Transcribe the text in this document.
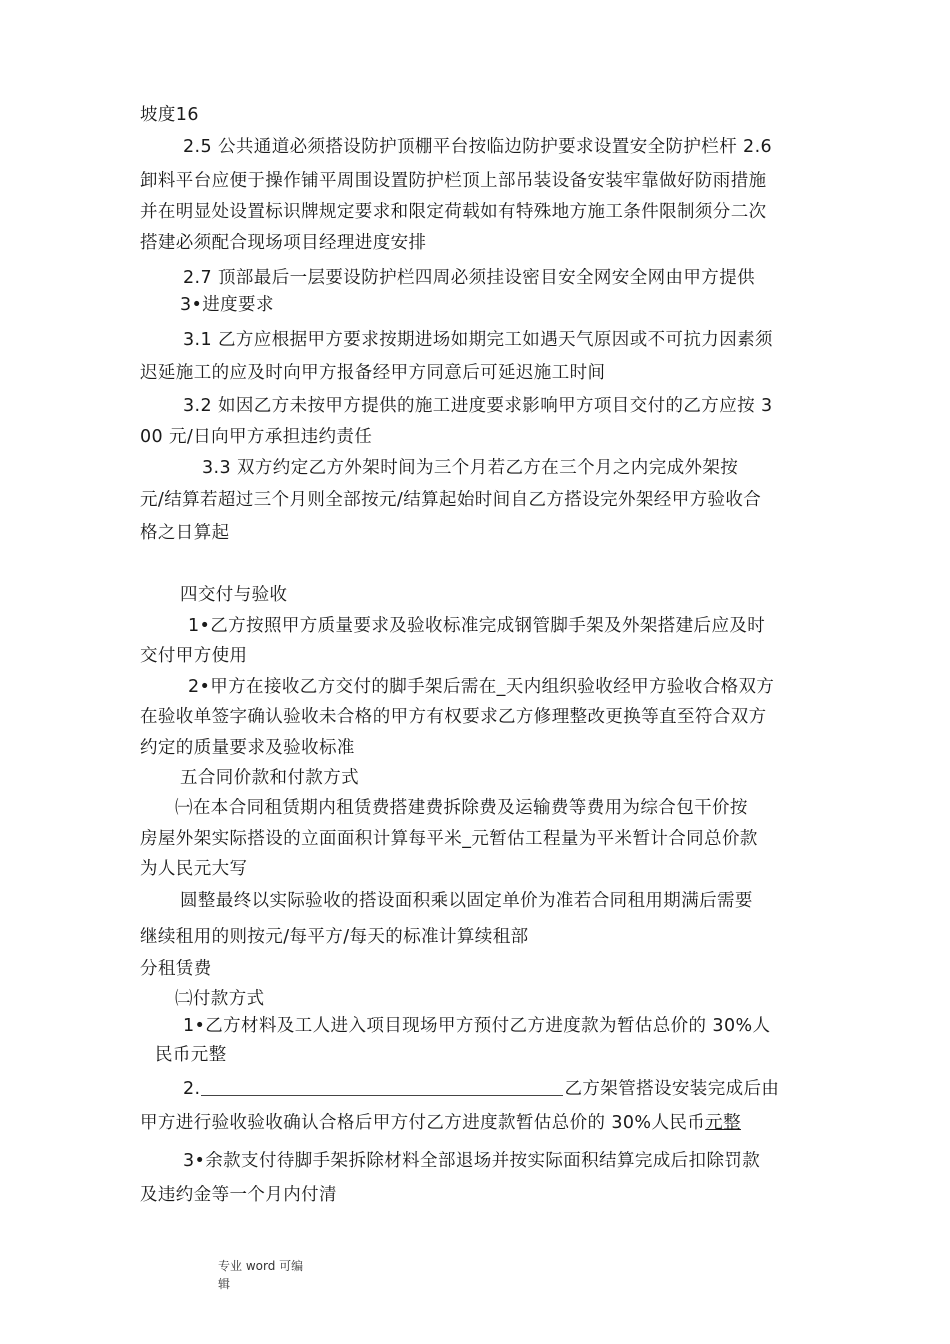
坡度16
2.5 公共通道必须搭设防护顶棚平台按临边防护要求设置安全防护栏杆 2.6
卸料平台应便于操作铺平周围设置防护栏顶上部吊装设备安装牢靠做好防雨措施
并在明显处设置标识牌规定要求和限定荷载如有特殊地方施工条件限制须分二次
搭建必须配合现场项目经理进度安排
2.7 顶部最后一层要设防护栏四周必须挂设密目安全网安全网由甲方提供
3•进度要求
3.1 乙方应根据甲方要求按期进场如期完工如遇天气原因或不可抗力因素须
迟延施工的应及时向甲方报备经甲方同意后可延迟施工时间
3.2 如因乙方未按甲方提供的施工进度要求影响甲方项目交付的乙方应按 3
00 元/日向甲方承担违约责任
3.3 双方约定乙方外架时间为三个月若乙方在三个月之内完成外架按
元/结算若超过三个月则全部按元/结算起始时间自乙方搭设完外架经甲方验收合
格之日算起
四交付与验收
1•乙方按照甲方质量要求及验收标准完成钢管脚手架及外架搭建后应及时
交付甲方使用
2•甲方在接收乙方交付的脚手架后需在_天内组织验收经甲方验收合格双方
在验收单签字确认验收未合格的甲方有权要求乙方修理整改更换等直至符合双方
约定的质量要求及验收标准
五合同价款和付款方式
㈠在本合同租赁期内租赁费搭建费拆除费及运输费等费用为综合包干价按
房屋外架实际搭设的立面面积计算每平米_元暂估工程量为平米暂计合同总价款
为人民元大写
圆整最终以实际验收的搭设面积乘以固定单价为准若合同租用期满后需要
继续租用的则按元/每平方/每天的标准计算续租部
分租赁费
㈡付款方式
1•乙方材料及工人进入项目现场甲方预付乙方进度款为暂估总价的 30%人
民币元整
2.	乙方架管搭设安装完成后由
甲方进行验收验收确认合格后甲方付乙方进度款暂估总价的 30%人民币元整
3•余款支付待脚手架拆除材料全部退场并按实际面积结算完成后扣除罚款
及违约金等一个月内付清
专业 word 可编
辑
